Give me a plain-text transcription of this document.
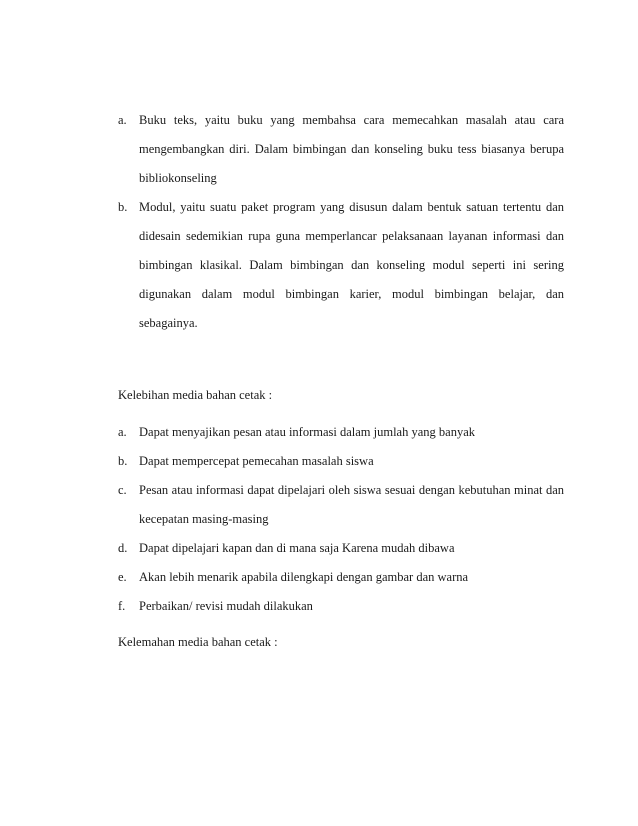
a. Buku teks, yaitu buku yang membahsa cara memecahkan masalah atau cara mengembangkan diri. Dalam bimbingan dan konseling buku tess biasanya berupa bibliokonseling
b. Modul, yaitu suatu paket program yang disusun dalam bentuk satuan tertentu dan didesain sedemikian rupa guna memperlancar pelaksanaan layanan informasi dan bimbingan klasikal. Dalam bimbingan dan konseling modul seperti ini sering digunakan dalam modul bimbingan karier, modul bimbingan belajar, dan sebagainya.
Kelebihan media bahan cetak :
a. Dapat menyajikan pesan atau informasi dalam jumlah yang banyak
b. Dapat mempercepat pemecahan masalah siswa
c. Pesan atau informasi dapat dipelajari oleh siswa sesuai dengan kebutuhan minat dan kecepatan masing-masing
d. Dapat dipelajari kapan dan di mana saja Karena mudah dibawa
e. Akan lebih menarik apabila dilengkapi dengan gambar dan warna
f. Perbaikan/ revisi mudah dilakukan
Kelemahan media bahan cetak :
